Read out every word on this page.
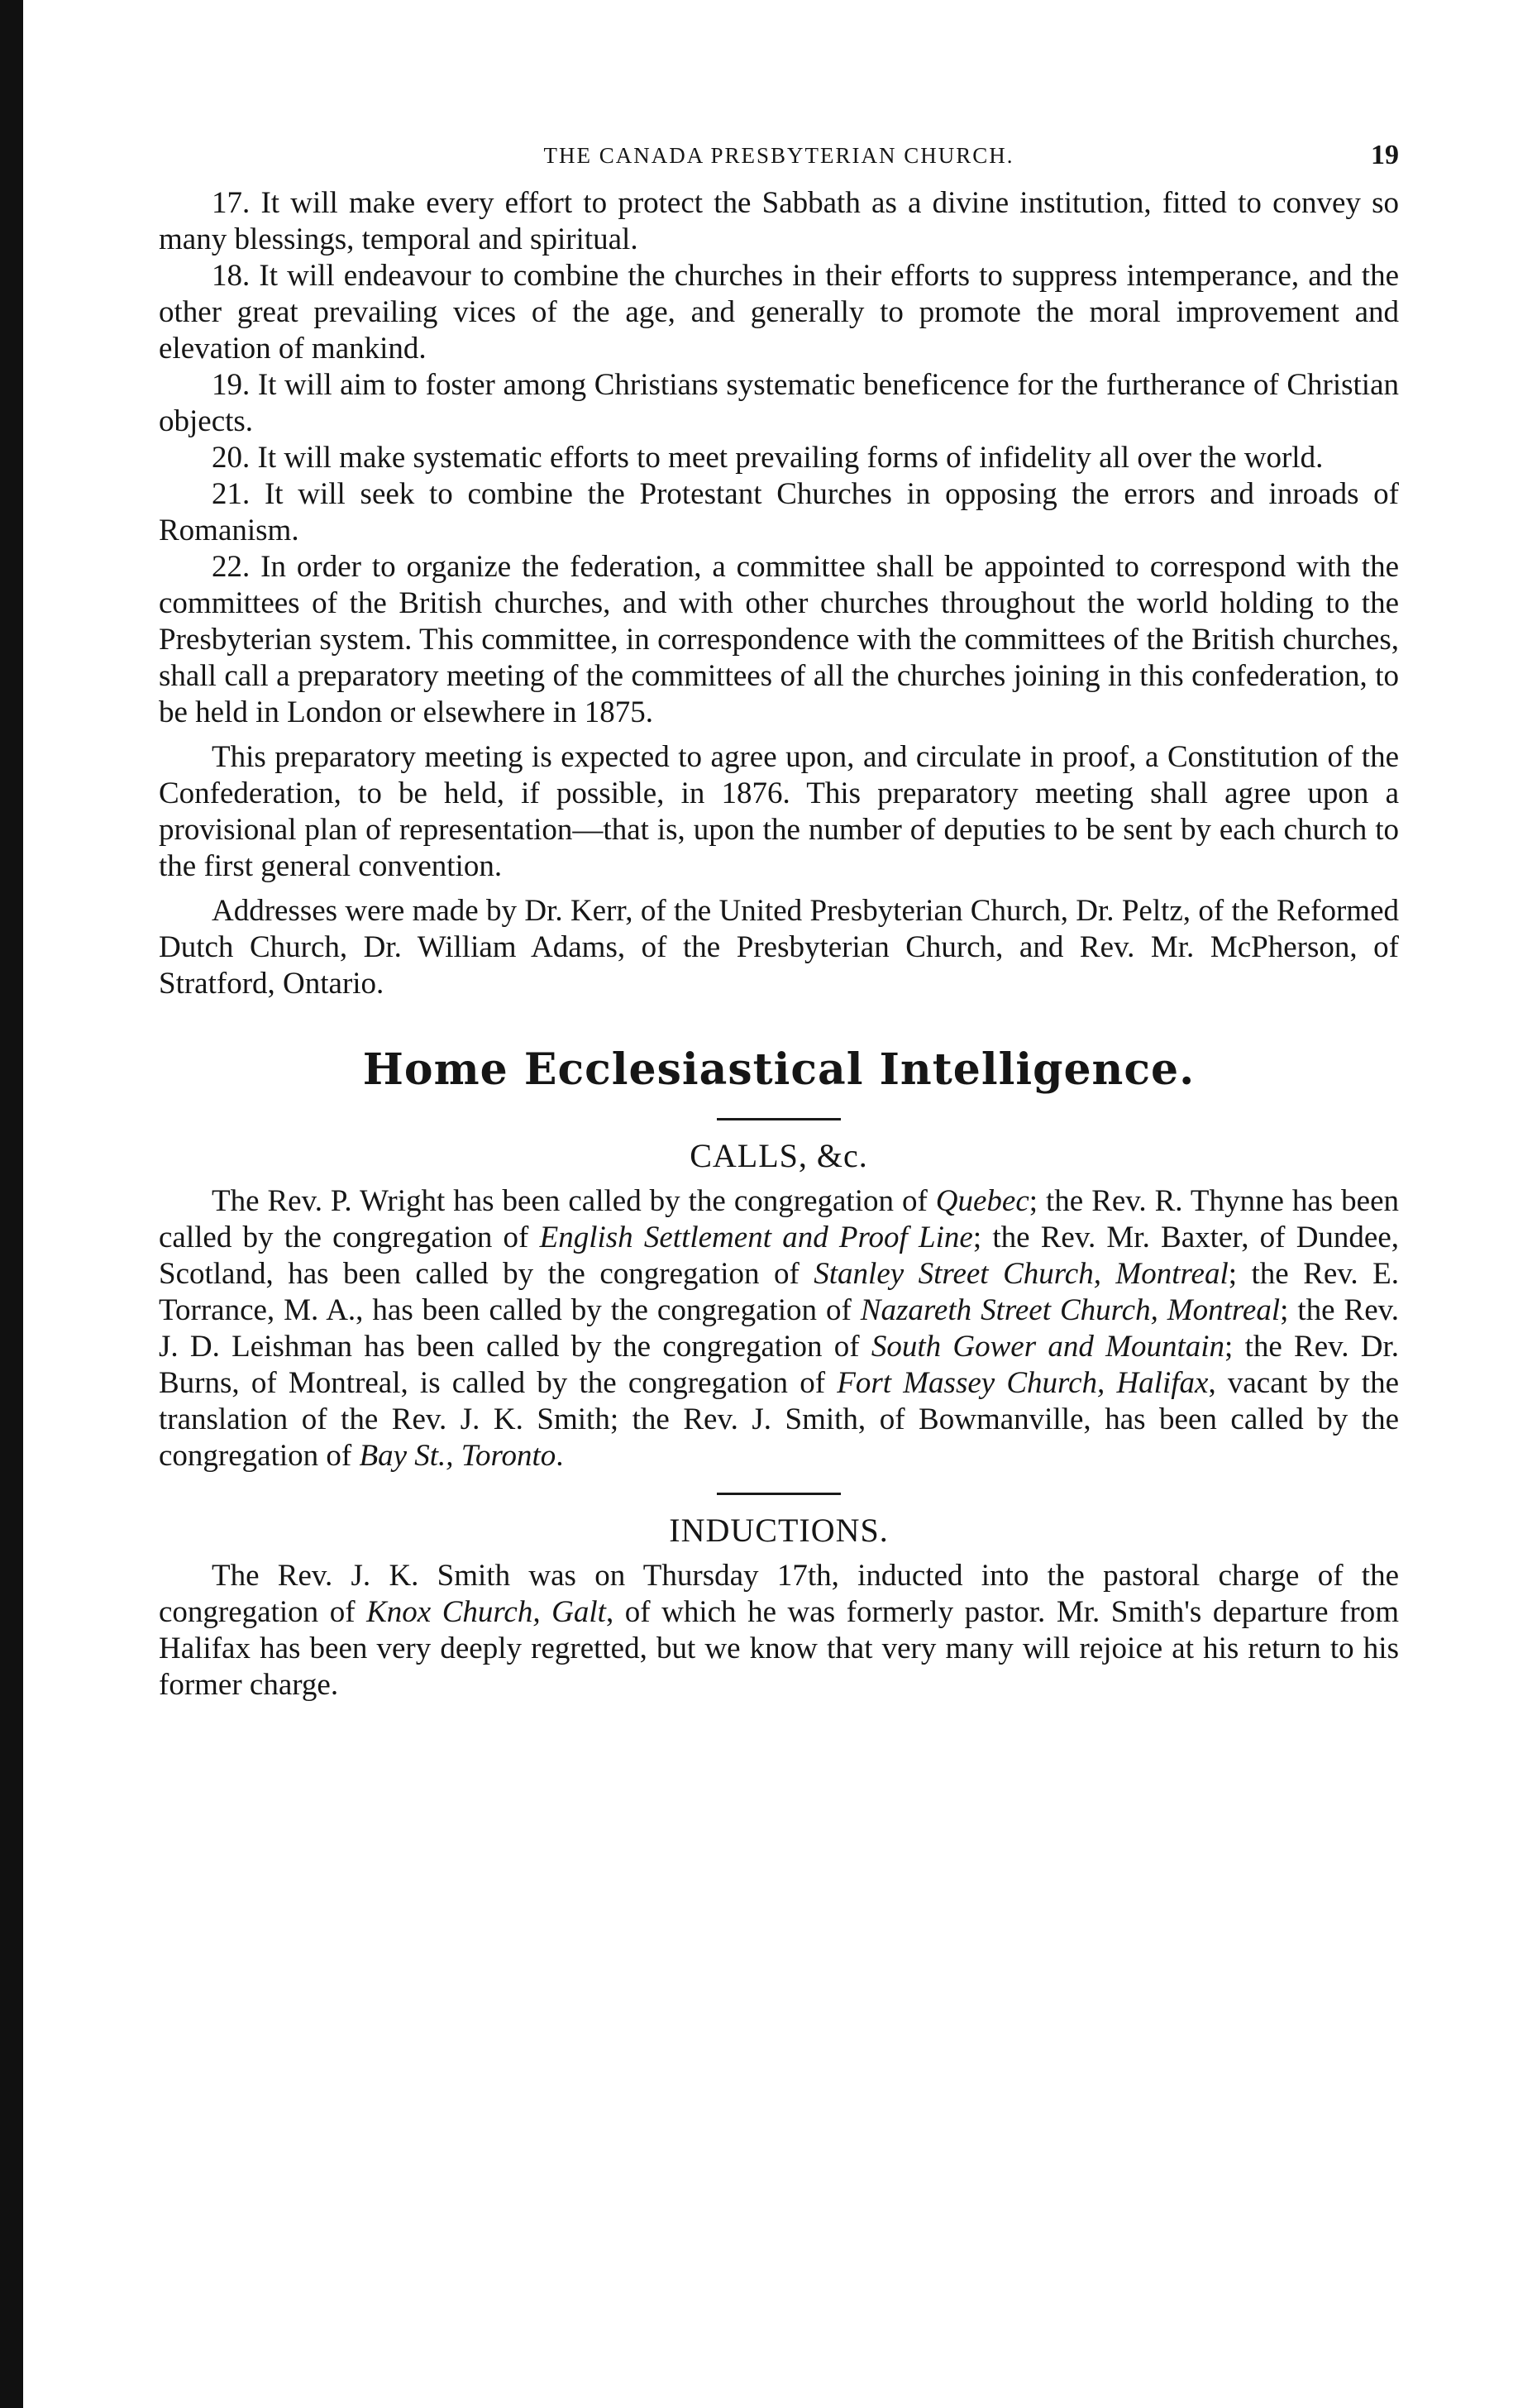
THE CANADA PRESBYTERIAN CHURCH.	19

17. It will make every effort to protect the Sabbath as a divine institution, fitted to convey so many blessings, temporal and spiritual.

18. It will endeavour to combine the churches in their efforts to suppress intemperance, and the other great prevailing vices of the age, and generally to promote the moral improvement and elevation of mankind.

19. It will aim to foster among Christians systematic beneficence for the furtherance of Christian objects.

20. It will make systematic efforts to meet prevailing forms of infidelity all over the world.

21. It will seek to combine the Protestant Churches in opposing the errors and inroads of Romanism.

22. In order to organize the federation, a committee shall be appointed to correspond with the committees of the British churches, and with other churches throughout the world holding to the Presbyterian system. This committee, in correspondence with the committees of the British churches, shall call a preparatory meeting of the committees of all the churches joining in this confederation, to be held in London or elsewhere in 1875.

This preparatory meeting is expected to agree upon, and circulate in proof, a Constitution of the Confederation, to be held, if possible, in 1876. This preparatory meeting shall agree upon a provisional plan of representation—that is, upon the number of deputies to be sent by each church to the first general convention.

Addresses were made by Dr. Kerr, of the United Presbyterian Church, Dr. Peltz, of the Reformed Dutch Church, Dr. William Adams, of the Presbyterian Church, and Rev. Mr. McPherson, of Stratford, Ontario.

Home Ecclesiastical Intelligence.
CALLS, &c.

The Rev. P. Wright has been called by the congregation of Quebec; the Rev. R. Thynne has been called by the congregation of English Settlement and Proof Line; the Rev. Mr. Baxter, of Dundee, Scotland, has been called by the congregation of Stanley Street Church, Montreal; the Rev. E. Torrance, M. A., has been called by the congregation of Nazareth Street Church, Montreal; the Rev. J. D. Leishman has been called by the congregation of South Gower and Mountain; the Rev. Dr. Burns, of Montreal, is called by the congregation of Fort Massey Church, Halifax, vacant by the translation of the Rev. J. K. Smith; the Rev. J. Smith, of Bowmanville, has been called by the congregation of Bay St., Toronto.

INDUCTIONS.

The Rev. J. K. Smith was on Thursday 17th, inducted into the pastoral charge of the congregation of Knox Church, Galt, of which he was formerly pastor. Mr. Smith's departure from Halifax has been very deeply regretted, but we know that very many will rejoice at his return to his former charge.
